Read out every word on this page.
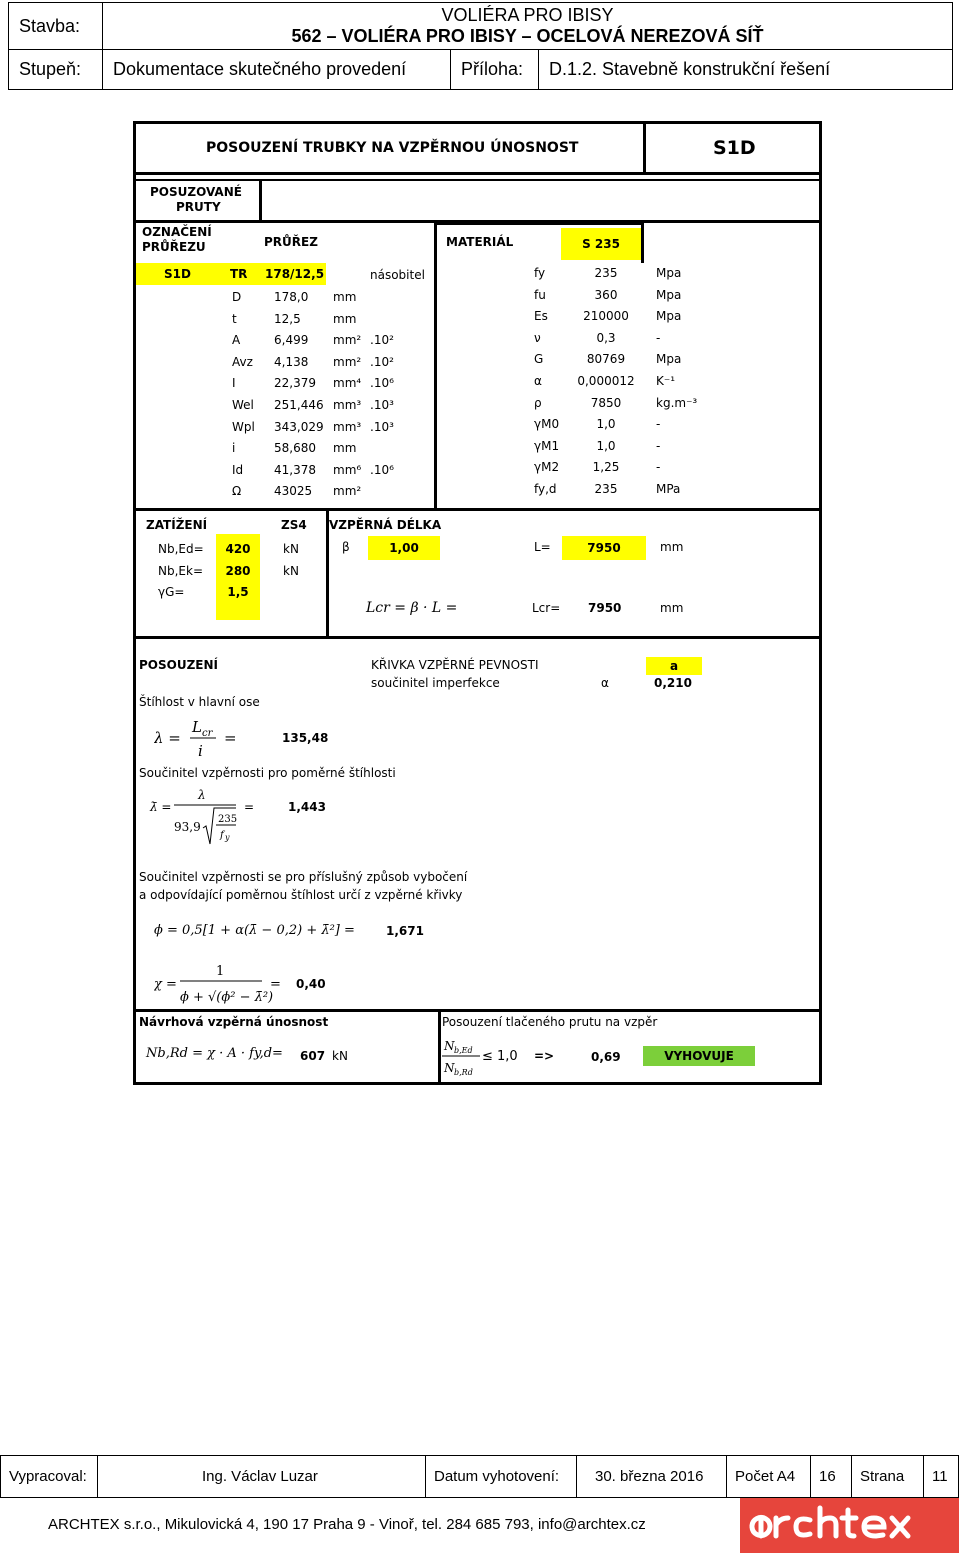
Stavba:
VOLIÉRA PRO IBISY
562 – VOLIÉRA PRO IBISY – OCELOVÁ NEREZOVÁ SÍŤ
Stupeň:	Dokumentace skutečného provedení	Příloha:	D.1.2. Stavebně konstrukční řešení
POSOUZENÍ TRUBKY NA VZPĚRNOU ÚNOSNOST	S1D
POSUZOVANÉ
PRUTY
OZNAČENÍ
PRŮŘEZU	PRŮŘEZ
S1D	TR 178/12,5	násobitel
MATERIÁL	S 235
D	178,0 mm
t	12,5	mm
A	6,499 mm² .10²
Avz 4,138 mm² .10²
I	22,379 mm⁴ .10⁶
Wel 251,446 mm³ .10³
Wpl 343,029 mm³ .10³
i	58,680 mm
Id	41,378 mm⁶ .10⁶
Ω	43025 mm²
fy	235	Mpa
fu	360	Mpa
Es	210000	Mpa
ν	0,3	-
G	80769	Mpa
α	0,000012	K⁻¹
ρ	7850	kg.m⁻³
γM0	1,0	-
γM1	1,0	-
γM2	1,25	-
fy,d	235	MPa
ZATÍŽENÍ	ZS4
Nb,Ed=	420	kN
Nb,Ek=	280	kN
γG=	1,5
VZPĚRNÁ DÉLKA
β	1,00	L=	7950	mm
Lcr = β · L =	Lcr= 7950	mm
POSOUZENÍ	KŘIVKA VZPĚRNÉ PEVNOSTI	a
součinitel imperfekce	α	0,210
Štíhlost v hlavní ose
λ =
L cr
i
=	135,48
Součinitel vzpěrnosti pro poměrné štíhlosti
λ̄ =
λ
93,9
235
f y
=	1,443
Součinitel vzpěrnosti se pro příslušný způsob vybočení
a odpovídající poměrnou štíhlost určí z vzpěrné křivky
ϕ = 0,5[1 + α(λ̄ − 0,2) + λ̄²] =	1,671
χ =
1
ϕ + √(ϕ² − λ̄²)
= 0,40
Návrhová vzpěrná únosnost
Nb,Rd = χ · A · fy,d= 607 kN
Posouzení tlačeného prutu na vzpěr
N b,Ed
N b,Rd
≤ 1,0 =>	0,69	VYHOVUJE
Vypracoval:	Ing. Václav Luzar	Datum vyhotovení:	30. března 2016	Počet A4	16	Strana	11
ARCHTEX s.r.o., Mikulovická 4, 190 17 Praha 9 - Vinoř, tel. 284 685 793, info@archtex.cz
